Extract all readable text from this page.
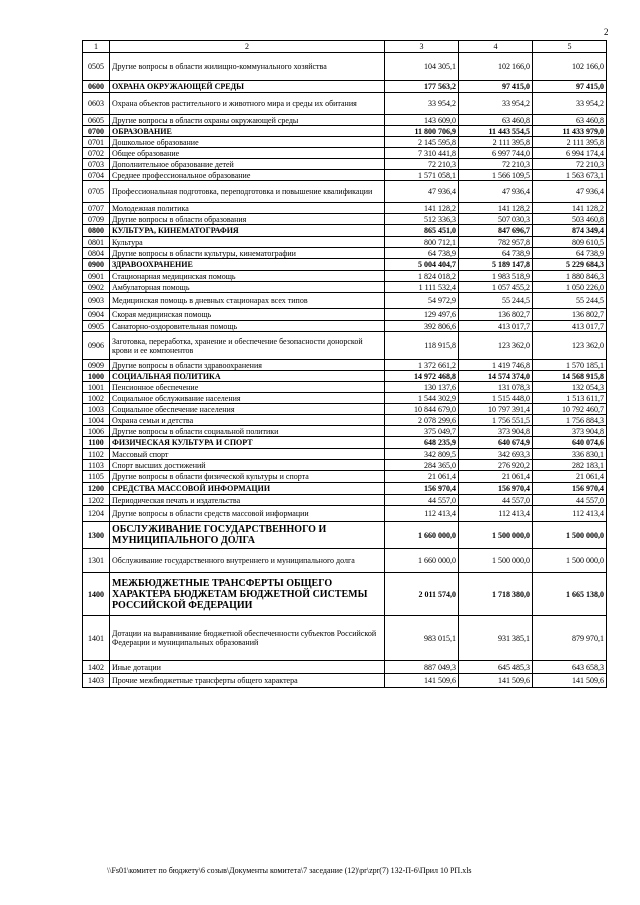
2
1	2	3	4	5
0505	Другие вопросы в области жилищно-коммунального хозяйства	104 305,1	102 166,0	102 166,0
0600	ОХРАНА ОКРУЖАЮЩЕЙ СРЕДЫ	177 563,2	97 415,0	97 415,0
0603	Охрана объектов растительного и животного мира и среды их обитания	33 954,2	33 954,2	33 954,2
0605	Другие вопросы в области охраны окружающей среды	143 609,0	63 460,8	63 460,8
0700	ОБРАЗОВАНИЕ	11 800 706,9	11 443 554,5	11 433 979,0
0701	Дошкольное образование	2 145 595,8	2 111 395,8	2 111 395,8
0702	Общее образование	7 310 441,8	6 997 744,0	6 994 174,4
0703	Дополнительное образование детей	72 210,3	72 210,3	72 210,3
0704	Среднее профессиональное образование	1 571 058,1	1 566 109,5	1 563 673,1
0705	Профессиональная подготовка, переподготовка и повышение квалификации	47 936,4	47 936,4	47 936,4
0707	Молодежная политика	141 128,2	141 128,2	141 128,2
0709	Другие вопросы в области образования	512 336,3	507 030,3	503 460,8
0800	КУЛЬТУРА, КИНЕМАТОГРАФИЯ	865 451,0	847 696,7	874 349,4
0801	Культура	800 712,1	782 957,8	809 610,5
0804	Другие вопросы в области культуры, кинематографии	64 738,9	64 738,9	64 738,9
0900	ЗДРАВООХРАНЕНИЕ	5 004 404,7	5 189 147,8	5 229 684,3
0901	Стационарная медицинская помощь	1 824 018,2	1 983 518,9	1 880 846,3
0902	Амбулаторная помощь	1 111 532,4	1 057 455,2	1 050 226,0
0903	Медицинская помощь в дневных стационарах всех типов	54 972,9	55 244,5	55 244,5
0904	Скорая медицинская помощь	129 497,6	136 802,7	136 802,7
0905	Санаторно-оздоровительная помощь	392 806,6	413 017,7	413 017,7
0906	Заготовка, переработка, хранение и обеспечение безопасности донорской крови и ее компонентов	118 915,8	123 362,0	123 362,0
0909	Другие вопросы в области здравоохранения	1 372 661,2	1 419 746,8	1 570 185,1
1000	СОЦИАЛЬНАЯ ПОЛИТИКА	14 972 468,8	14 574 374,0	14 568 915,8
1001	Пенсионное обеспечение	130 137,6	131 078,3	132 054,3
1002	Социальное обслуживание населения	1 544 302,9	1 515 448,0	1 513 611,7
1003	Социальное обеспечение населения	10 844 679,0	10 797 391,4	10 792 460,7
1004	Охрана семьи и детства	2 078 299,6	1 756 551,5	1 756 884,3
1006	Другие вопросы в области социальной политики	375 049,7	373 904,8	373 904,8
1100	ФИЗИЧЕСКАЯ КУЛЬТУРА И СПОРТ	648 235,9	640 674,9	640 074,6
1102	Массовый спорт	342 809,5	342 693,3	336 830,1
1103	Спорт высших достижений	284 365,0	276 920,2	282 183,1
1105	Другие вопросы в области физической культуры и спорта	21 061,4	21 061,4	21 061,4
1200	СРЕДСТВА МАССОВОЙ ИНФОРМАЦИИ	156 970,4	156 970,4	156 970,4
1202	Периодическая печать и издательства	44 557,0	44 557,0	44 557,0
1204	Другие вопросы в области средств массовой информации	112 413,4	112 413,4	112 413,4
1300	ОБСЛУЖИВАНИЕ ГОСУДАРСТВЕННОГО И МУНИЦИПАЛЬНОГО ДОЛГА	1 660 000,0	1 500 000,0	1 500 000,0
1301	Обслуживание государственного внутреннего и муниципального долга	1 660 000,0	1 500 000,0	1 500 000,0
1400	МЕЖБЮДЖЕТНЫЕ ТРАНСФЕРТЫ ОБЩЕГО ХАРАКТЕРА БЮДЖЕТАМ БЮДЖЕТНОЙ СИСТЕМЫ РОССИЙСКОЙ ФЕДЕРАЦИИ	2 011 574,0	1 718 380,0	1 665 138,0
1401	Дотации на выравнивание бюджетной обеспеченности субъектов Российской Федерации и муниципальных образований	983 015,1	931 385,1	879 970,1
1402	Иные дотации	887 049,3	645 485,3	643 658,3
1403	Прочие межбюджетные трансферты общего характера	141 509,6	141 509,6	141 509,6
\\Fs01\комитет по бюджету\6 созыв\Документы комитета\7 заседание (12)\pr\zpr(7) 132-П-6\Прил 10 РП.xls
